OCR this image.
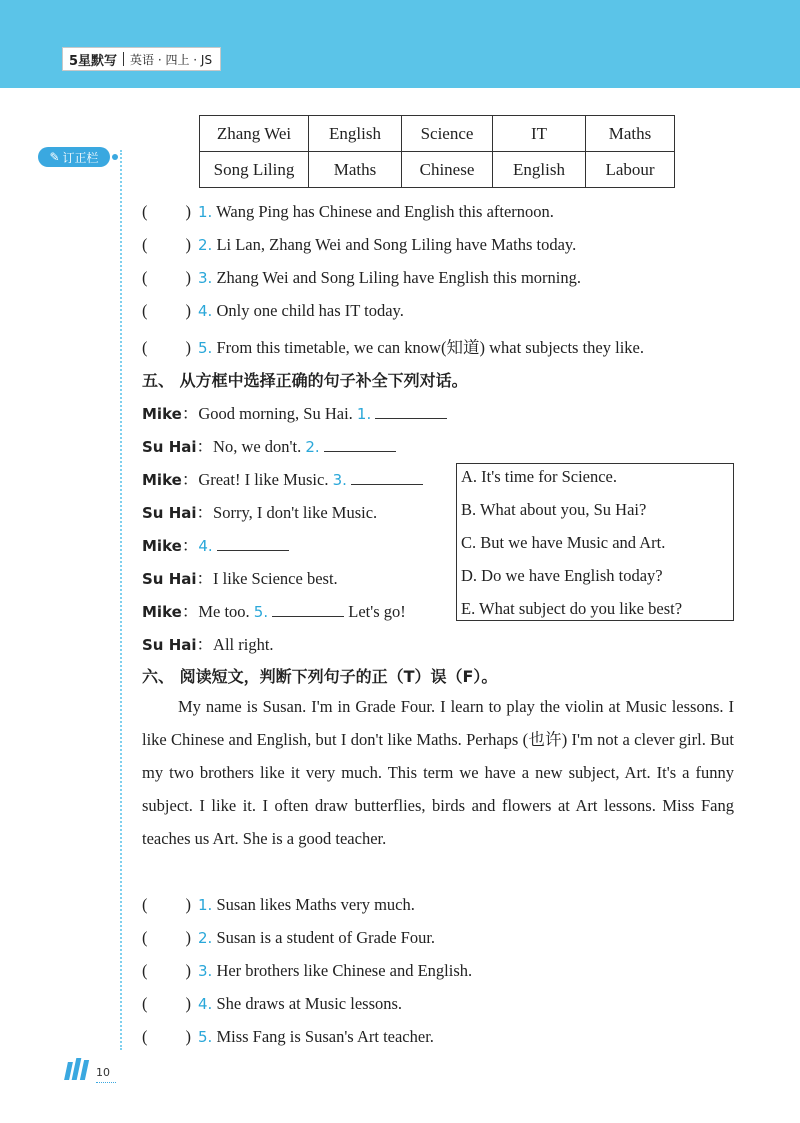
5星默写 英语 · 四上 · JS
✎ 订正栏
Zhang Wei	English	Science	IT	Maths
Song Liling	Maths	Chinese	English	Labour
( ) 1. Wang Ping has Chinese and English this afternoon.
( ) 2. Li Lan, Zhang Wei and Song Liling have Maths today.
( ) 3. Zhang Wei and Song Liling have English this morning.
( ) 4. Only one child has IT today.
( ) 5. From this timetable, we can know(知道) what subjects they like.
五、 从方框中选择正确的句子补全下列对话。
Mike：Good morning, Su Hai. 1.
Su Hai：No, we don't. 2.
Mike：Great! I like Music. 3.
Su Hai：Sorry, I don't like Music.
Mike：4.
Su Hai：I like Science best.
Mike：Me too. 5.	Let's go!
Su Hai：All right.
A. It's time for Science.
B. What about you, Su Hai?
C. But we have Music and Art.
D. Do we have English today?
E. What subject do you like best?
六、 阅读短文，判断下列句子的正（T）误（F）。

My name is Susan. I'm in Grade Four. I learn to play the violin at Music lessons. I like Chinese and English, but I don't like Maths. Perhaps (也许) I'm not a clever girl. But my two brothers like it very much. This term we have a new subject, Art. It's a funny subject. I like it. I often draw butterflies, birds and flowers at Art lessons. Miss Fang teaches us Art. She is a good teacher.

( ) 1. Susan likes Maths very much.
( ) 2. Susan is a student of Grade Four.
( ) 3. Her brothers like Chinese and English.
( ) 4. She draws at Music lessons.
( ) 5. Miss Fang is Susan's Art teacher.
10
